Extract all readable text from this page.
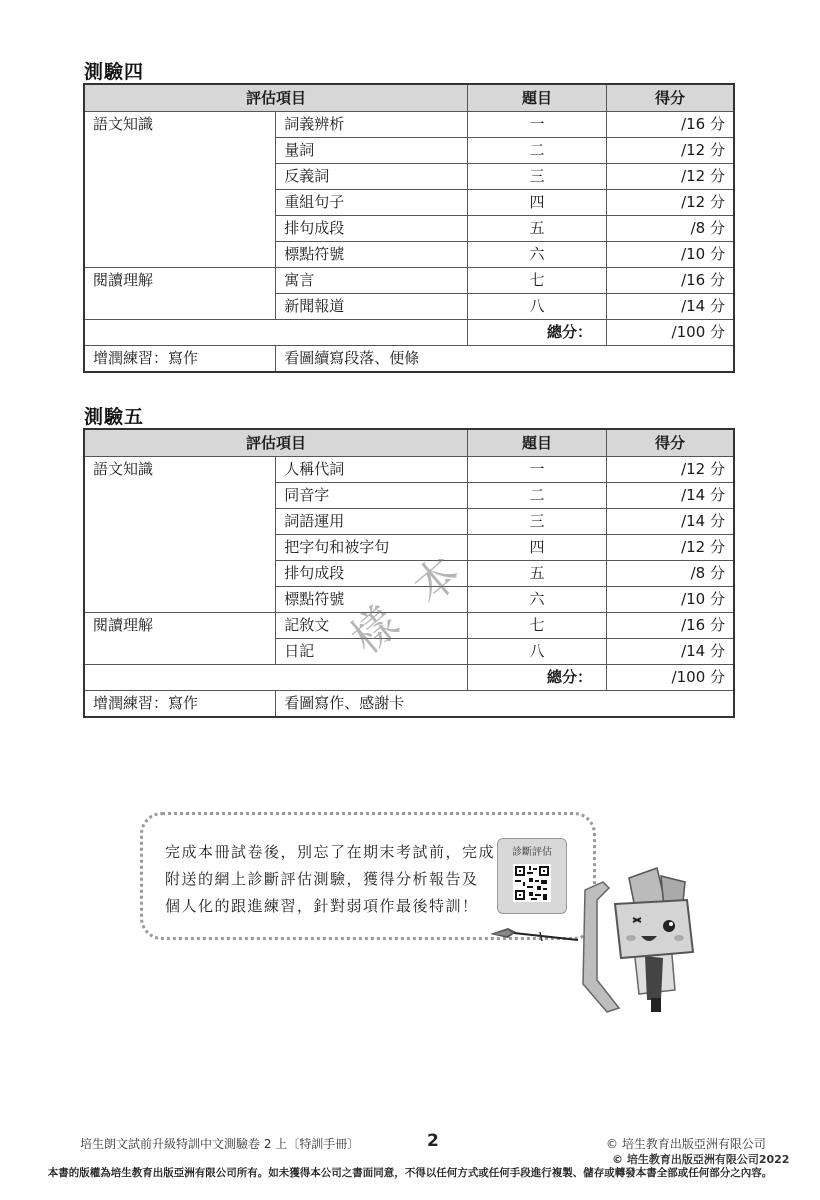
測驗四
評估項目		題目	得分
語文知識	詞義辨析	一	/16 分
	量詞	二	/12 分
	反義詞	三	/12 分
	重組句子	四	/12 分
	排句成段	五	/8 分
	標點符號	六	/10 分
閱讀理解	寓言	七	/16 分
	新聞報道	八	/14 分
		總分：	/100 分
增潤練習：寫作	看圖續寫段落、便條		
測驗五
評估項目		題目	得分
語文知識	人稱代詞	一	/12 分
	同音字	二	/14 分
	詞語運用	三	/14 分
	把字句和被字句	四	/12 分
	排句成段	五	/8 分
	標點符號	六	/10 分
閱讀理解	記敘文	七	/16 分
	日記	八	/14 分
		總分：	/100 分
增潤練習：寫作	看圖寫作、感謝卡		
樣
本
完成本冊試卷後，別忘了在期末考試前，完成
附送的網上診斷評估測驗，獲得分析報告及
個人化的跟進練習，針對弱項作最後特訓！
診斷評估
培生朗文試前升級特訓中文測驗卷 2 上〔特訓手冊〕	2	© 培生教育出版亞洲有限公司
© 培生教育出版亞洲有限公司2022
本書的版權為培生教育出版亞洲有限公司所有。如未獲得本公司之書面同意，不得以任何方式或任何手段進行複製、儲存或轉發本書全部或任何部分之內容。
